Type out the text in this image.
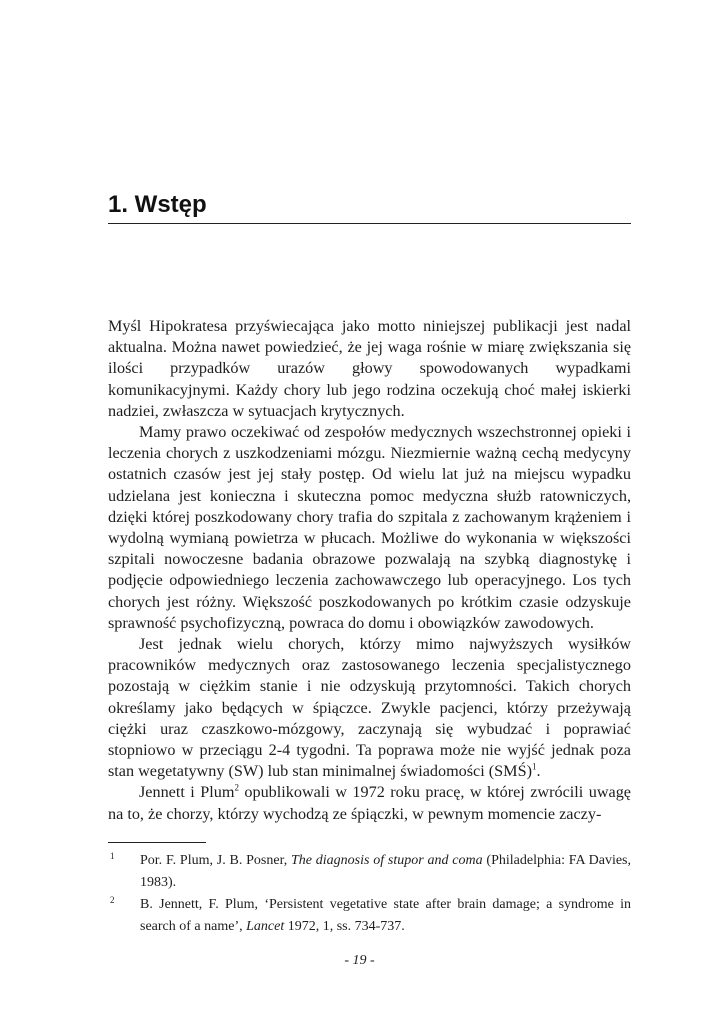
1. Wstęp

Myśl Hipokratesa przyświecająca jako motto niniejszej publikacji jest nadal aktualna. Można nawet powiedzieć, że jej waga rośnie w miarę zwiększania się ilości przypadków urazów głowy spowodowanych wypadkami komunikacyjnymi. Każdy chory lub jego rodzina oczekują choć małej iskierki nadziei, zwłaszcza w sytuacjach krytycznych.

Mamy prawo oczekiwać od zespołów medycznych wszechstronnej opieki i leczenia chorych z uszkodzeniami mózgu. Niezmiernie ważną cechą medycyny ostatnich czasów jest jej stały postęp. Od wielu lat już na miejscu wypadku udzielana jest konieczna i skuteczna pomoc medyczna służb ratowniczych, dzięki której poszkodowany chory trafia do szpitala z zachowanym krążeniem i wydolną wymianą powietrza w płucach. Możliwe do wykonania w większości szpitali nowoczesne badania obrazowe pozwalają na szybką diagnostykę i podjęcie odpowiedniego leczenia zachowawczego lub operacyjnego. Los tych chorych jest różny. Większość poszkodowanych po krótkim czasie odzyskuje sprawność psychofizyczną, powraca do domu i obowiązków zawodowych.

Jest jednak wielu chorych, którzy mimo najwyższych wysiłków pracowników medycznych oraz zastosowanego leczenia specjalistycznego pozostają w ciężkim stanie i nie odzyskują przytomności. Takich chorych określamy jako będących w śpiączce. Zwykle pacjenci, którzy przeżywają ciężki uraz czaszkowo-mózgowy, zaczynają się wybudzać i poprawiać stopniowo w przeciągu 2-4 tygodni. Ta poprawa może nie wyjść jednak poza stan wegetatywny (SW) lub stan minimalnej świadomości (SMŚ)$^1$.

Jennett i Plum$^2$ opublikowali w 1972 roku pracę, w której zwrócili uwagę na to, że chorzy, którzy wychodzą ze śpiączki, w pewnym momencie zaczy-

1 Por. F. Plum, J. B. Posner, The diagnosis of stupor and coma (Philadelphia: FA Davies, 1983).
2 B. Jennett, F. Plum, ‘Persistent vegetative state after brain damage; a syndrome in search of a name’, Lancet 1972, 1, ss. 734-737.
- 19 -
